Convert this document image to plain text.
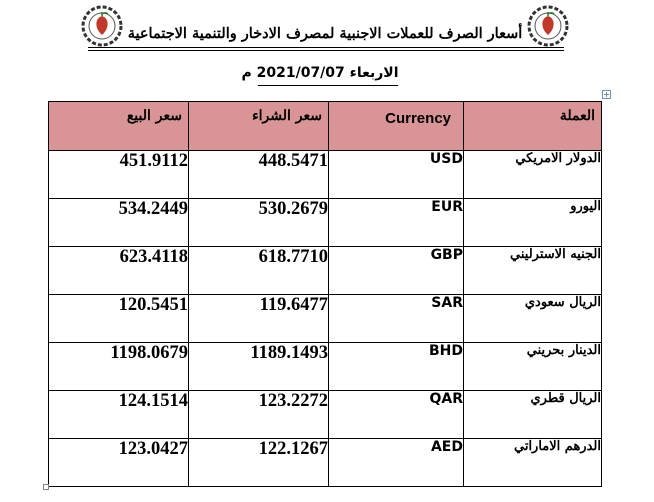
أسعار الصرف للعملات الاجنبية لمصرف الادخار والتنمية الاجتماعية
الاربعاء 2021/07/07 م
سعر البيع	سعر الشراء	Currency	العملة

451.9112	448.5471	USD	الدولار الامريكي
534.2449	530.2679	EUR	اليورو
623.4118	618.7710	GBP	الجنيه الاسترليني
120.5451	119.6477	SAR	الريال سعودي
1198.0679	1189.1493	BHD	الدينار بحريني
124.1514	123.2272	QAR	الريال قطري
123.0427	122.1267	AED	الدرهم الاماراتي
